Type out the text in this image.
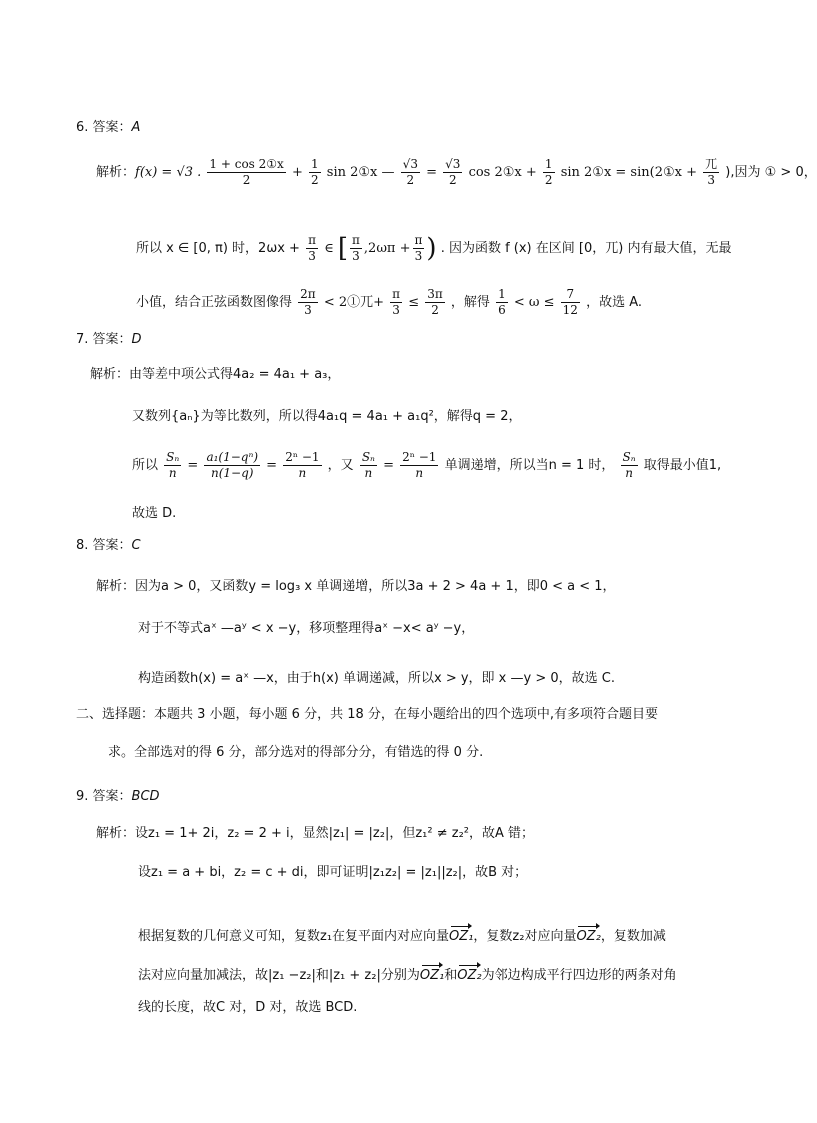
6. 答案：A
解析：f(x) = √3 . $\frac{\text{1 + cos 2①x}}{2} + \frac{1}{2}$ sin 2①x — $\frac{√3}{2} = \frac{√3}{2}$ cos 2①x + $\frac{1}{2}$ sin 2①x = sin(2①x + $\frac{\text{兀}}{3}$ ),因为 ① > 0，
所以 x ∈ [0, π) 时，$2\omega x + \frac{\pi}{3}$ ∈ [ $\frac{\pi}{3} ,2\omega\pi + \frac{\pi}{3}$ ) . 因为函数 f (x) 在区间 [0，兀) 内有最大值，无最
小值，结合正弦函数图像得 $\frac{2\pi}{3}$ < 2①兀+ $\frac{\pi}{3} \le \frac{3\pi}{2}$ ，解得 $\frac{1}{6} < \omega \le \frac{7}{12}$ ，故选 A.
7. 答案：D
解析：由等差中项公式得4a₂ = 4a₁ + a₃，
又数列{aₙ}为等比数列，所以得4a₁q = 4a₁ + a₁q²，解得q = 2，
所以 $\frac{\text{Sₙ}}{n} = \frac{\text{a₁(1−qⁿ)}}{n(1-q)} = \frac{\text{2ⁿ −1}}{n}$ ，又 $\frac{\text{Sₙ}}{n} = \frac{\text{2ⁿ −1}}{n}$ 单调递增，所以当n = 1 时， $\frac{\text{Sₙ}}{n}$ 取得最小值1,
故选 D.
8. 答案：C
解析：因为a > 0，又函数y = log₃ x 单调递增，所以3a + 2 > 4a + 1，即0 < a < 1，
对于不等式aˣ —aʸ < x −y，移项整理得aˣ −x< aʸ −y，
构造函数h(x) = aˣ —x，由于h(x) 单调递减，所以x > y，即 x —y > 0，故选 C.
二、选择题：本题共 3 小题，每小题 6 分，共 18 分，在每小题给出的四个选项中,有多项符合题目要
求。全部选对的得 6 分，部分选对的得部分分，有错选的得 0 分.
9. 答案：BCD
解析：设z₁ = 1+ 2i，z₂ = 2 + i，显然|z₁| = |z₂|，但z₁² ≠ z₂²，故A 错；
设z₁ = a + bi，z₂ = c + di，即可证明|z₁z₂| = |z₁||z₂|，故B 对；
根据复数的几何意义可知，复数z₁在复平面内对应向量OZ₁，复数z₂对应向量OZ₂，复数加减
法对应向量加减法，故|z₁ −z₂|和|z₁ + z₂|分别为OZ₁和OZ₂为邻边构成平行四边形的两条对角
线的长度，故C 对，D 对，故选 BCD.
